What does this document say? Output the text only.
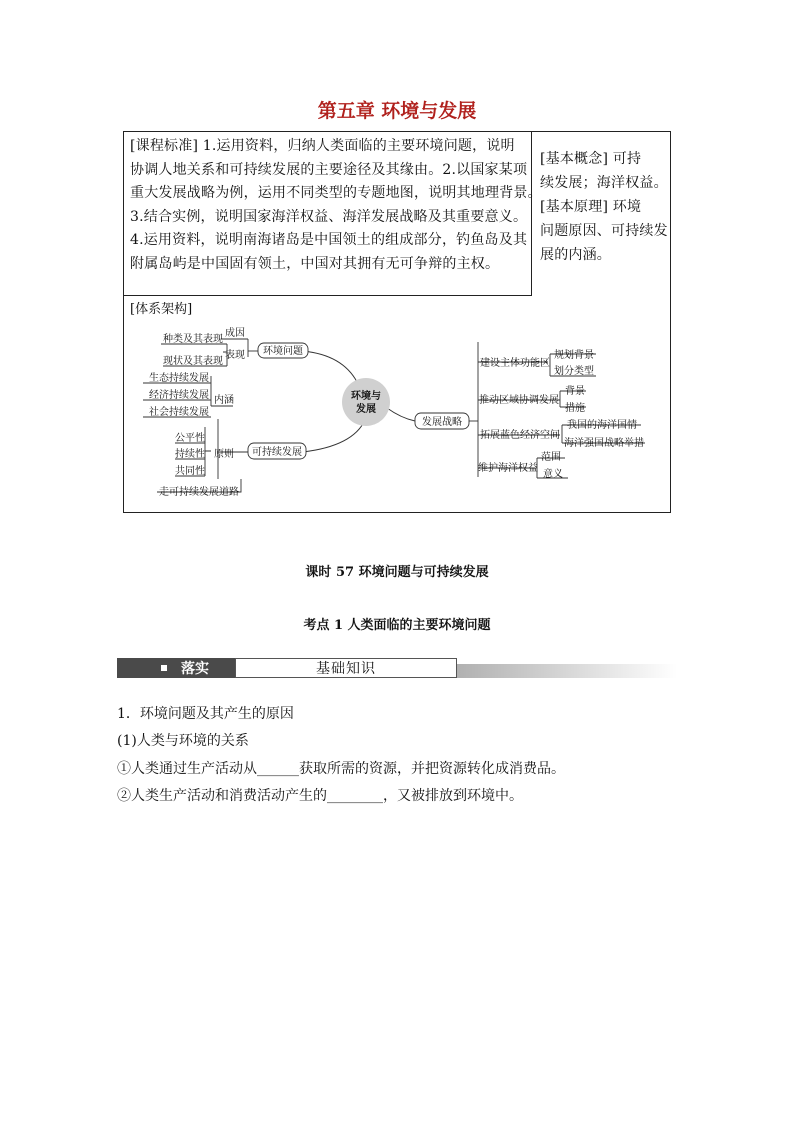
第五章 环境与发展

[课程标准] 1.运用资料，归纳人类面临的主要环境问题，说明

协调人地关系和可持续发展的主要途径及其缘由。2.以国家某项

重大发展战略为例，运用不同类型的专题地图，说明其地理背景。

3.结合实例，说明国家海洋权益、海洋发展战略及其重要意义。

4.运用资料，说明南海诸岛是中国领土的组成部分，钓鱼岛及其

附属岛屿是中国固有领土，中国对其拥有无可争辩的主权。

[基本概念] 可持

续发展；海洋权益。

[基本原理] 环境

问题原因、可持续发

展的内涵。

[体系架构]
环境与
发展
环境问题
表现
成因
种类及其表现
现状及其表现
可持续发展
内涵
生态持续发展
经济持续发展
社会持续发展
原则
公平性
持续性
共同性
走可持续发展道路
发展战略
建设主体功能区
规划背景
划分类型
推动区域协调发展
背景
措施
拓展蓝色经济空间
我国的海洋国情
海洋强国战略举措
维护海洋权益
范围
意义
课时 57 环境问题与可持续发展
考点 1 人类面临的主要环境问题
落实	基础知识
1．环境问题及其产生的原因
(1)人类与环境的关系
①人类通过生产活动从______获取所需的资源，并把资源转化成消费品。
②人类生产活动和消费活动产生的________，又被排放到环境中。
